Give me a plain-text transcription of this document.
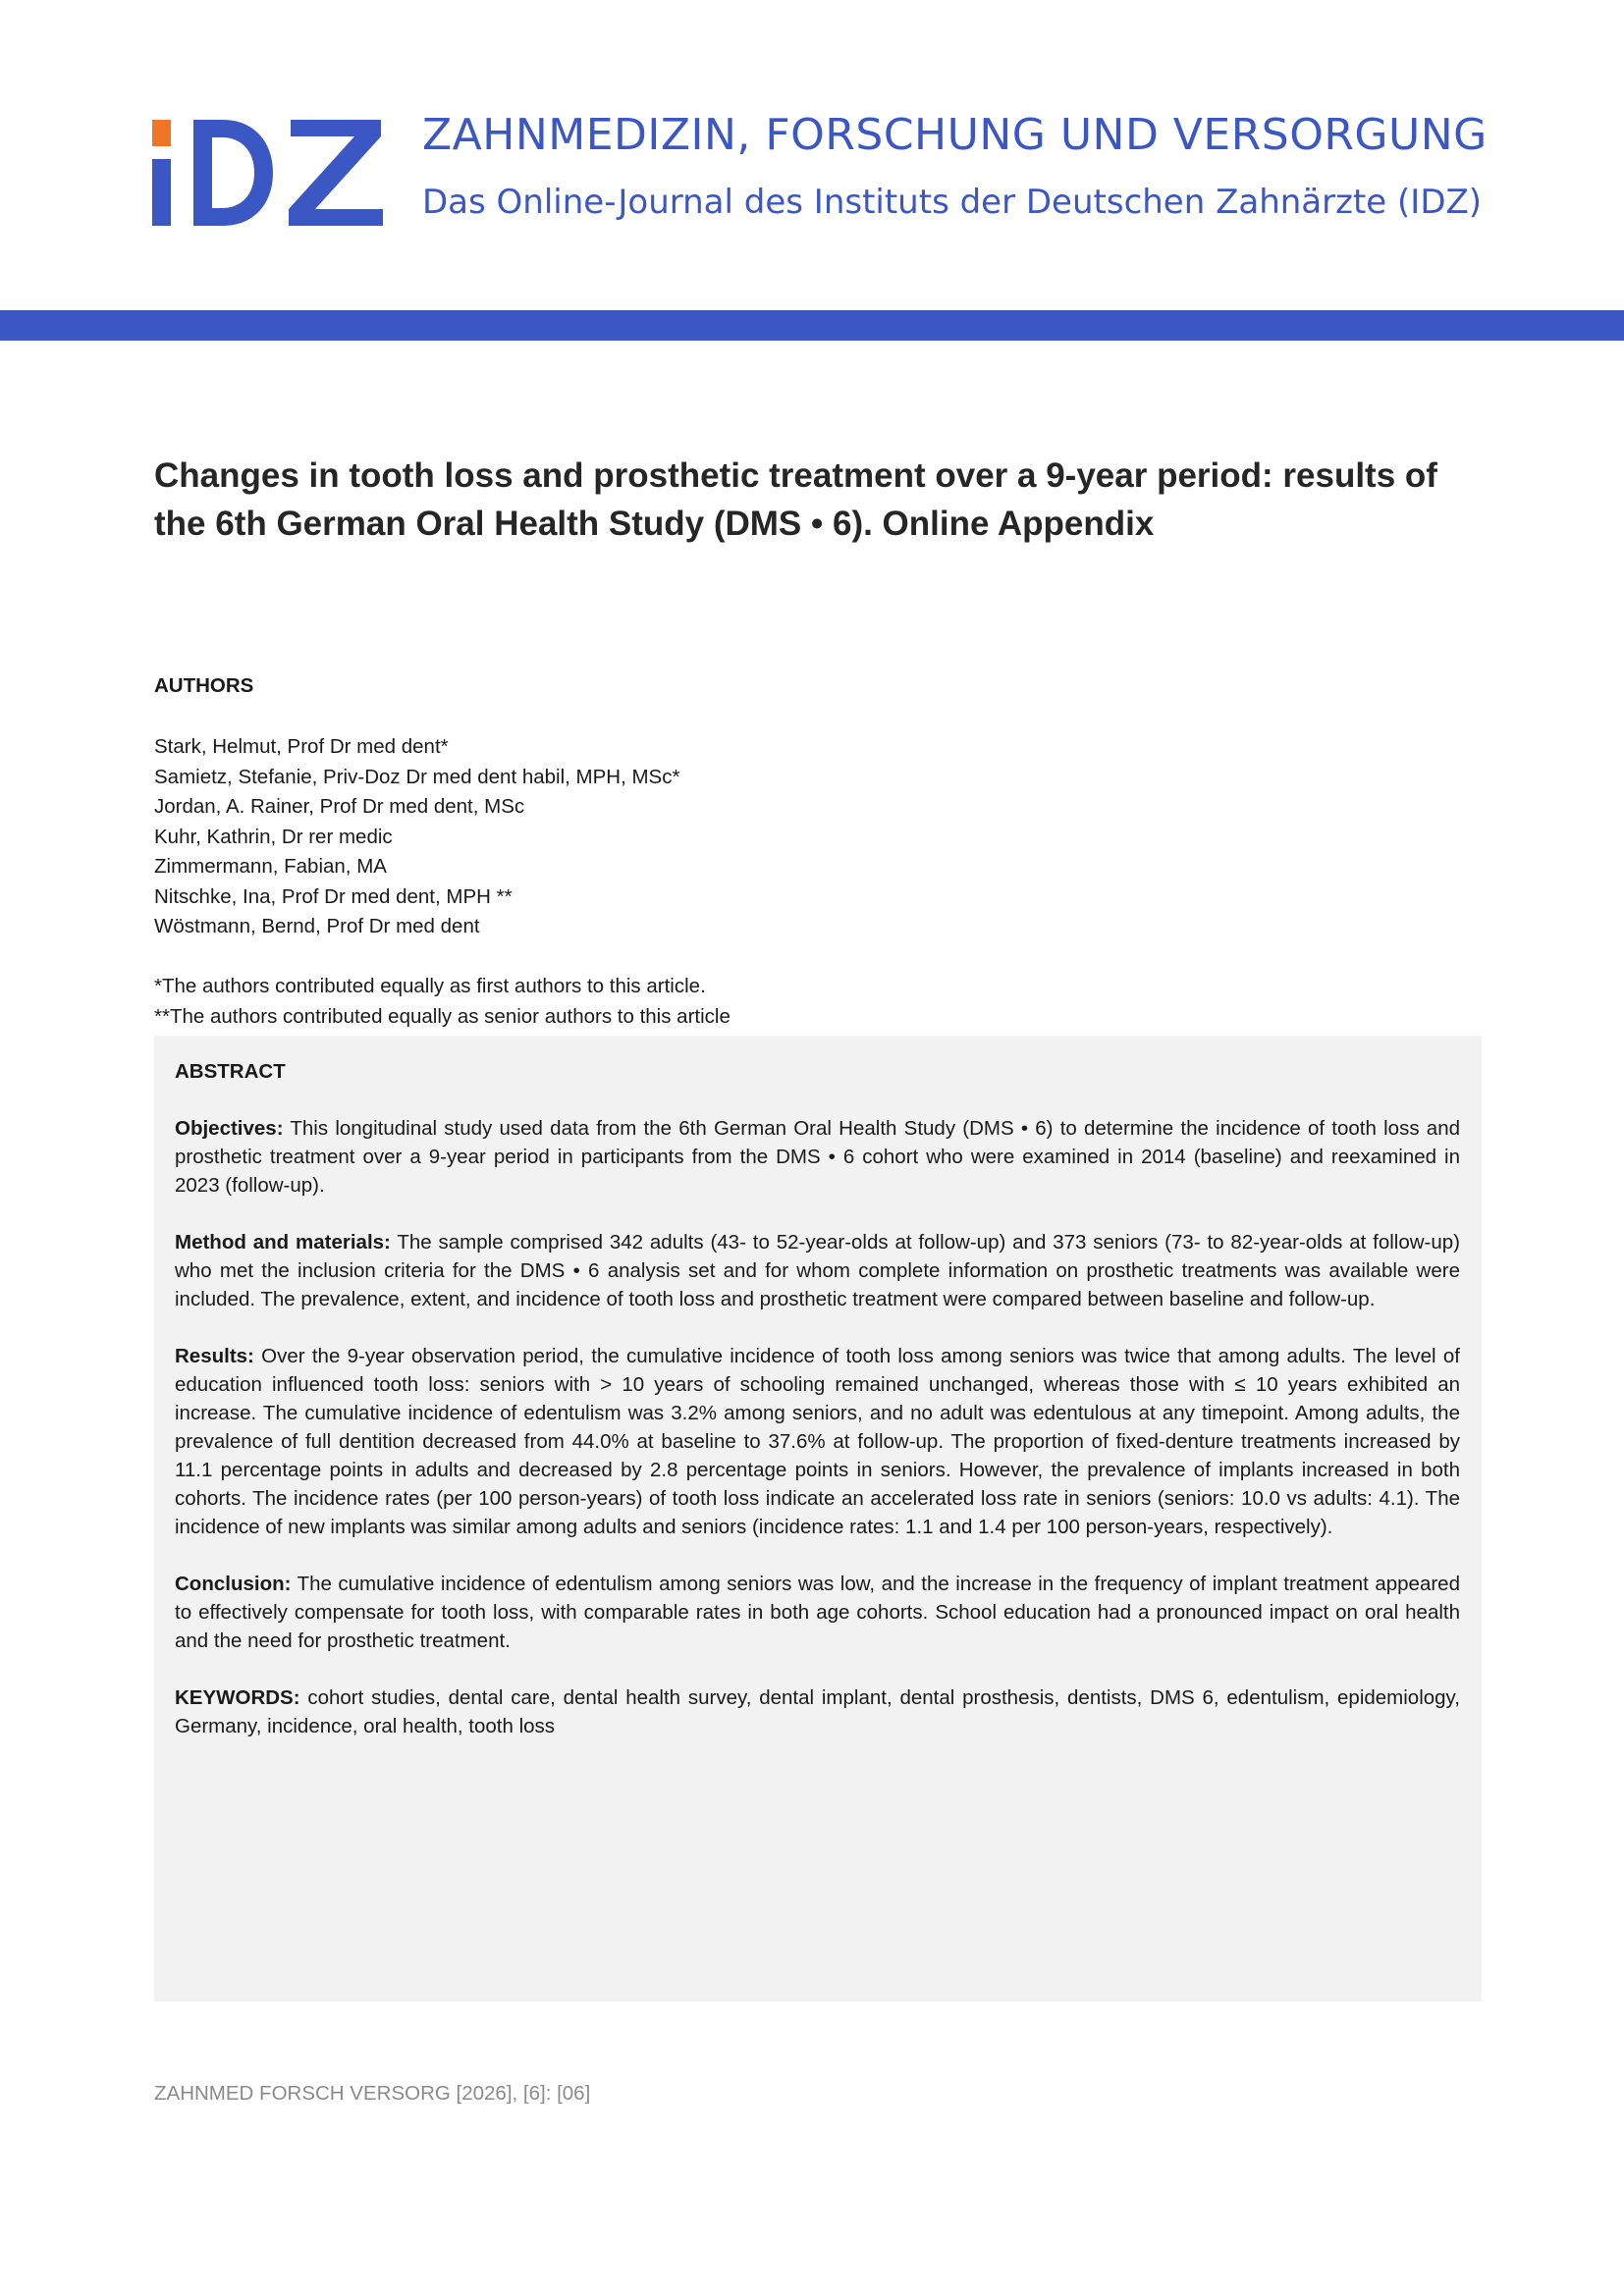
ZAHNMEDIZIN, FORSCHUNG UND VERSORGUNG
Das Online-Journal des Instituts der Deutschen Zahnärzte (IDZ)
Changes in tooth loss and prosthetic treatment over a 9-year period: results of
the 6th German Oral Health Study (DMS • 6). Online Appendix
AUTHORS
Stark, Helmut, Prof Dr med dent*
Samietz, Stefanie, Priv-Doz Dr med dent habil, MPH, MSc*
Jordan, A. Rainer, Prof Dr med dent, MSc
Kuhr, Kathrin, Dr rer medic
Zimmermann, Fabian, MA
Nitschke, Ina, Prof Dr med dent, MPH **
Wöstmann, Bernd, Prof Dr med dent
*The authors contributed equally as first authors to this article.
**The authors contributed equally as senior authors to this article
ABSTRACT

Objectives: This longitudinal study used data from the 6th German Oral Health Study (DMS • 6) to determine the incidence of tooth loss and prosthetic treatment over a 9-year period in participants from the DMS • 6 cohort who were examined in 2014 (baseline) and reexamined in 2023 (follow-up).

Method and materials: The sample comprised 342 adults (43- to 52-year-olds at follow-up) and 373 seniors (73- to 82-year-olds at follow-up) who met the inclusion criteria for the DMS • 6 analysis set and for whom complete information on prosthetic treatments was available were included. The prevalence, extent, and incidence of tooth loss and prosthetic treatment were compared between baseline and follow-up.

Results: Over the 9-year observation period, the cumulative incidence of tooth loss among seniors was twice that among adults. The level of education influenced tooth loss: seniors with > 10 years of schooling remained unchanged, whereas those with ≤ 10 years exhibited an increase. The cumulative incidence of edentulism was 3.2% among seniors, and no adult was edentulous at any timepoint. Among adults, the prevalence of full dentition decreased from 44.0% at baseline to 37.6% at follow-up. The proportion of fixed-denture treatments increased by 11.1 percentage points in adults and decreased by 2.8 percentage points in seniors. However, the prevalence of implants increased in both cohorts. The incidence rates (per 100 person-years) of tooth loss indicate an accelerated loss rate in seniors (seniors: 10.0 vs adults: 4.1). The incidence of new implants was similar among adults and seniors (incidence rates: 1.1 and 1.4 per 100 person-years, respectively).

Conclusion: The cumulative incidence of edentulism among seniors was low, and the increase in the frequency of implant treatment appeared to effectively compensate for tooth loss, with comparable rates in both age cohorts. School education had a pronounced impact on oral health and the need for prosthetic treatment.

KEYWORDS: cohort studies, dental care, dental health survey, dental implant, dental prosthesis, dentists, DMS 6, edentulism, epidemiology, Germany, incidence, oral health, tooth loss

ZAHNMED FORSCH VERSORG [2026], [6]: [06]
